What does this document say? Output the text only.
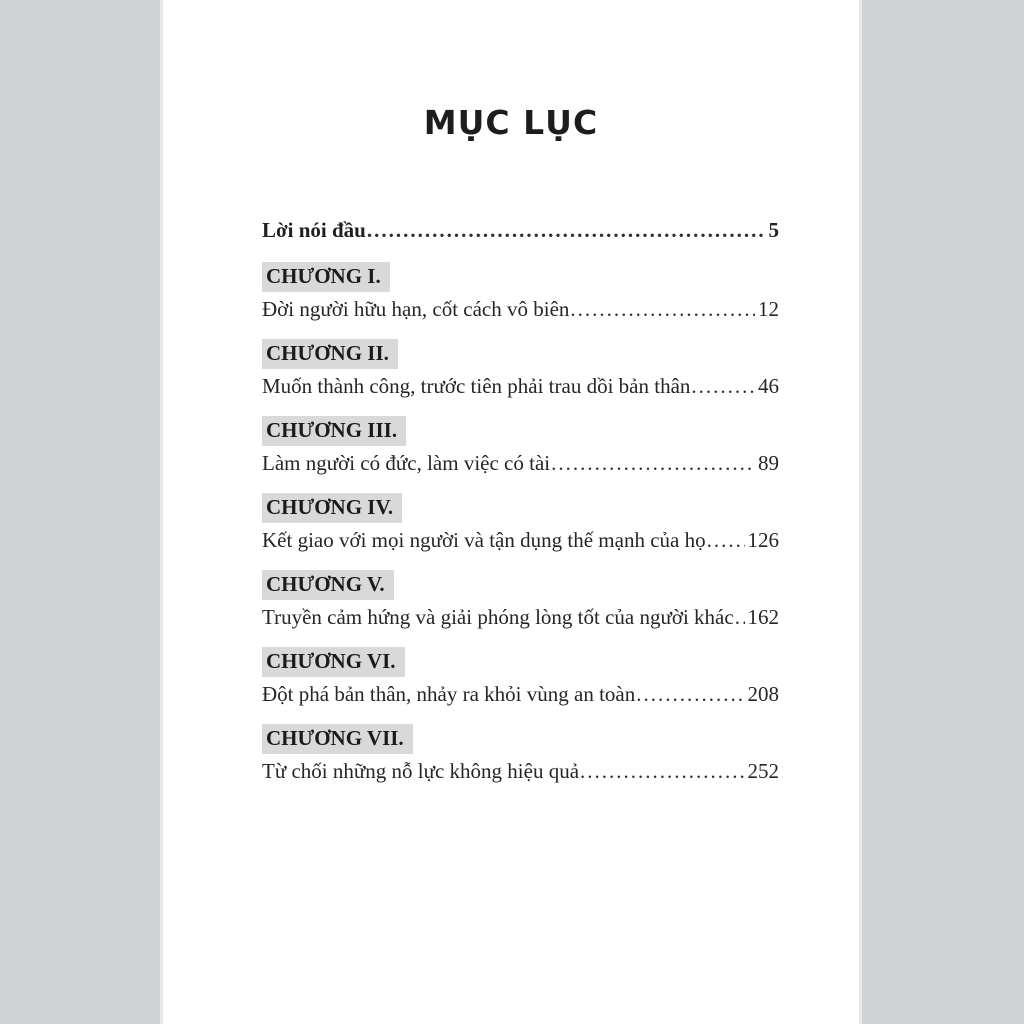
MỤC LỤC
Lời nói đầu .....	5
CHƯƠNG I.
Đời người hữu hạn, cốt cách vô biên .....	12
CHƯƠNG II.
Muốn thành công, trước tiên phải trau dồi bản thân .....	46
CHƯƠNG III.
Làm người có đức, làm việc có tài .....	89
CHƯƠNG IV.
Kết giao với mọi người và tận dụng thế mạnh của họ ..... 126
CHƯƠNG V.
Truyền cảm hứng và giải phóng lòng tốt của người khác ..... 162
CHƯƠNG VI.
Đột phá bản thân, nhảy ra khỏi vùng an toàn .....	208
CHƯƠNG VII.
Từ chối những nỗ lực không hiệu quả .....	252
